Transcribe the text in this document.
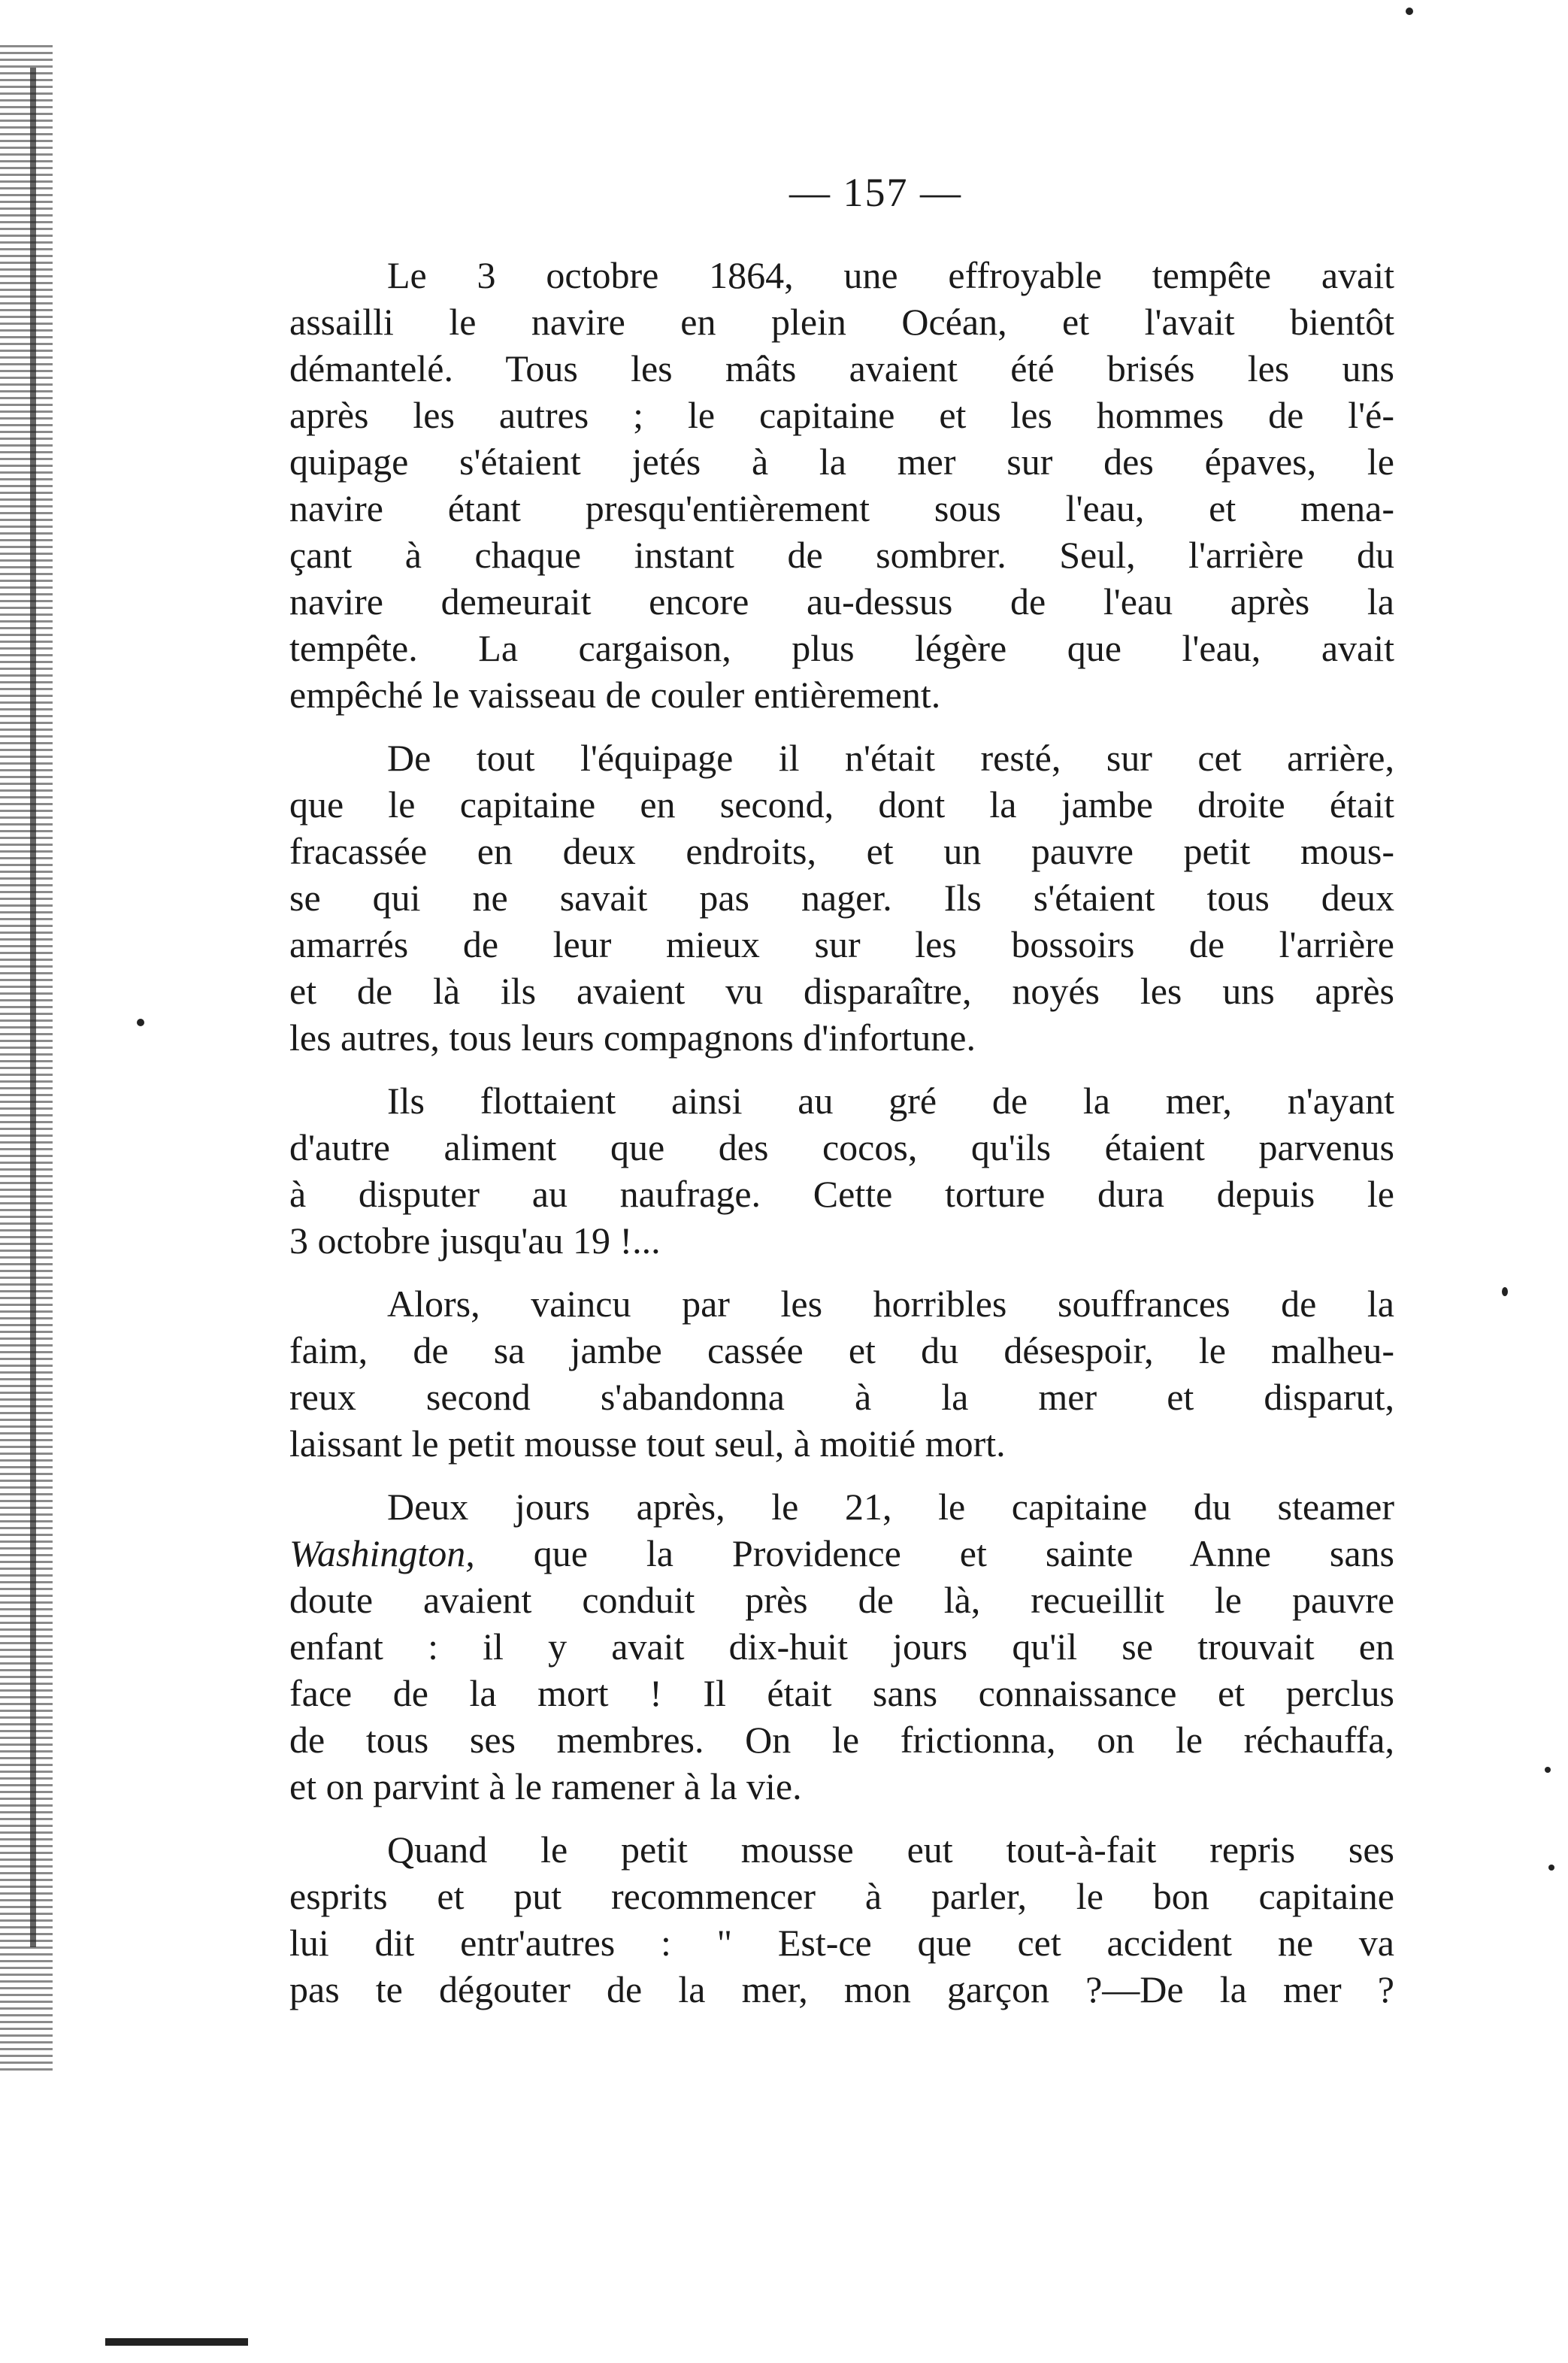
— 157 —

Le 3 octobre 1864, une effroyable tempête avait
assailli le navire en plein Océan, et l'avait bientôt
démantelé. Tous les mâts avaient été brisés les uns
après les autres ; le capitaine et les hommes de l'é-
quipage s'étaient jetés à la mer sur des épaves, le
navire étant presqu'entièrement sous l'eau, et mena-
çant à chaque instant de sombrer. Seul, l'arrière du
navire demeurait encore au-dessus de l'eau après la
tempête. La cargaison, plus légère que l'eau, avait
empêché le vaisseau de couler entièrement.

De tout l'équipage il n'était resté, sur cet arrière,
que le capitaine en second, dont la jambe droite était
fracassée en deux endroits, et un pauvre petit mous-
se qui ne savait pas nager. Ils s'étaient tous deux
amarrés de leur mieux sur les bossoirs de l'arrière
et de là ils avaient vu disparaître, noyés les uns après
les autres, tous leurs compagnons d'infortune.

Ils flottaient ainsi au gré de la mer, n'ayant
d'autre aliment que des cocos, qu'ils étaient parvenus
à disputer au naufrage. Cette torture dura depuis le
3 octobre jusqu'au 19 !...

Alors, vaincu par les horribles souffrances de la
faim, de sa jambe cassée et du désespoir, le malheu-
reux second s'abandonna à la mer et disparut,
laissant le petit mousse tout seul, à moitié mort.

Deux jours après, le 21, le capitaine du steamer
Washington, que la Providence et sainte Anne sans
doute avaient conduit près de là, recueillit le pauvre
enfant : il y avait dix-huit jours qu'il se trouvait en
face de la mort ! Il était sans connaissance et perclus
de tous ses membres. On le frictionna, on le réchauffa,
et on parvint à le ramener à la vie.

Quand le petit mousse eut tout-à-fait repris ses
esprits et put recommencer à parler, le bon capitaine
lui dit entr'autres : " Est-ce que cet accident ne va
pas te dégouter de la mer, mon garçon ?—De la mer ?
